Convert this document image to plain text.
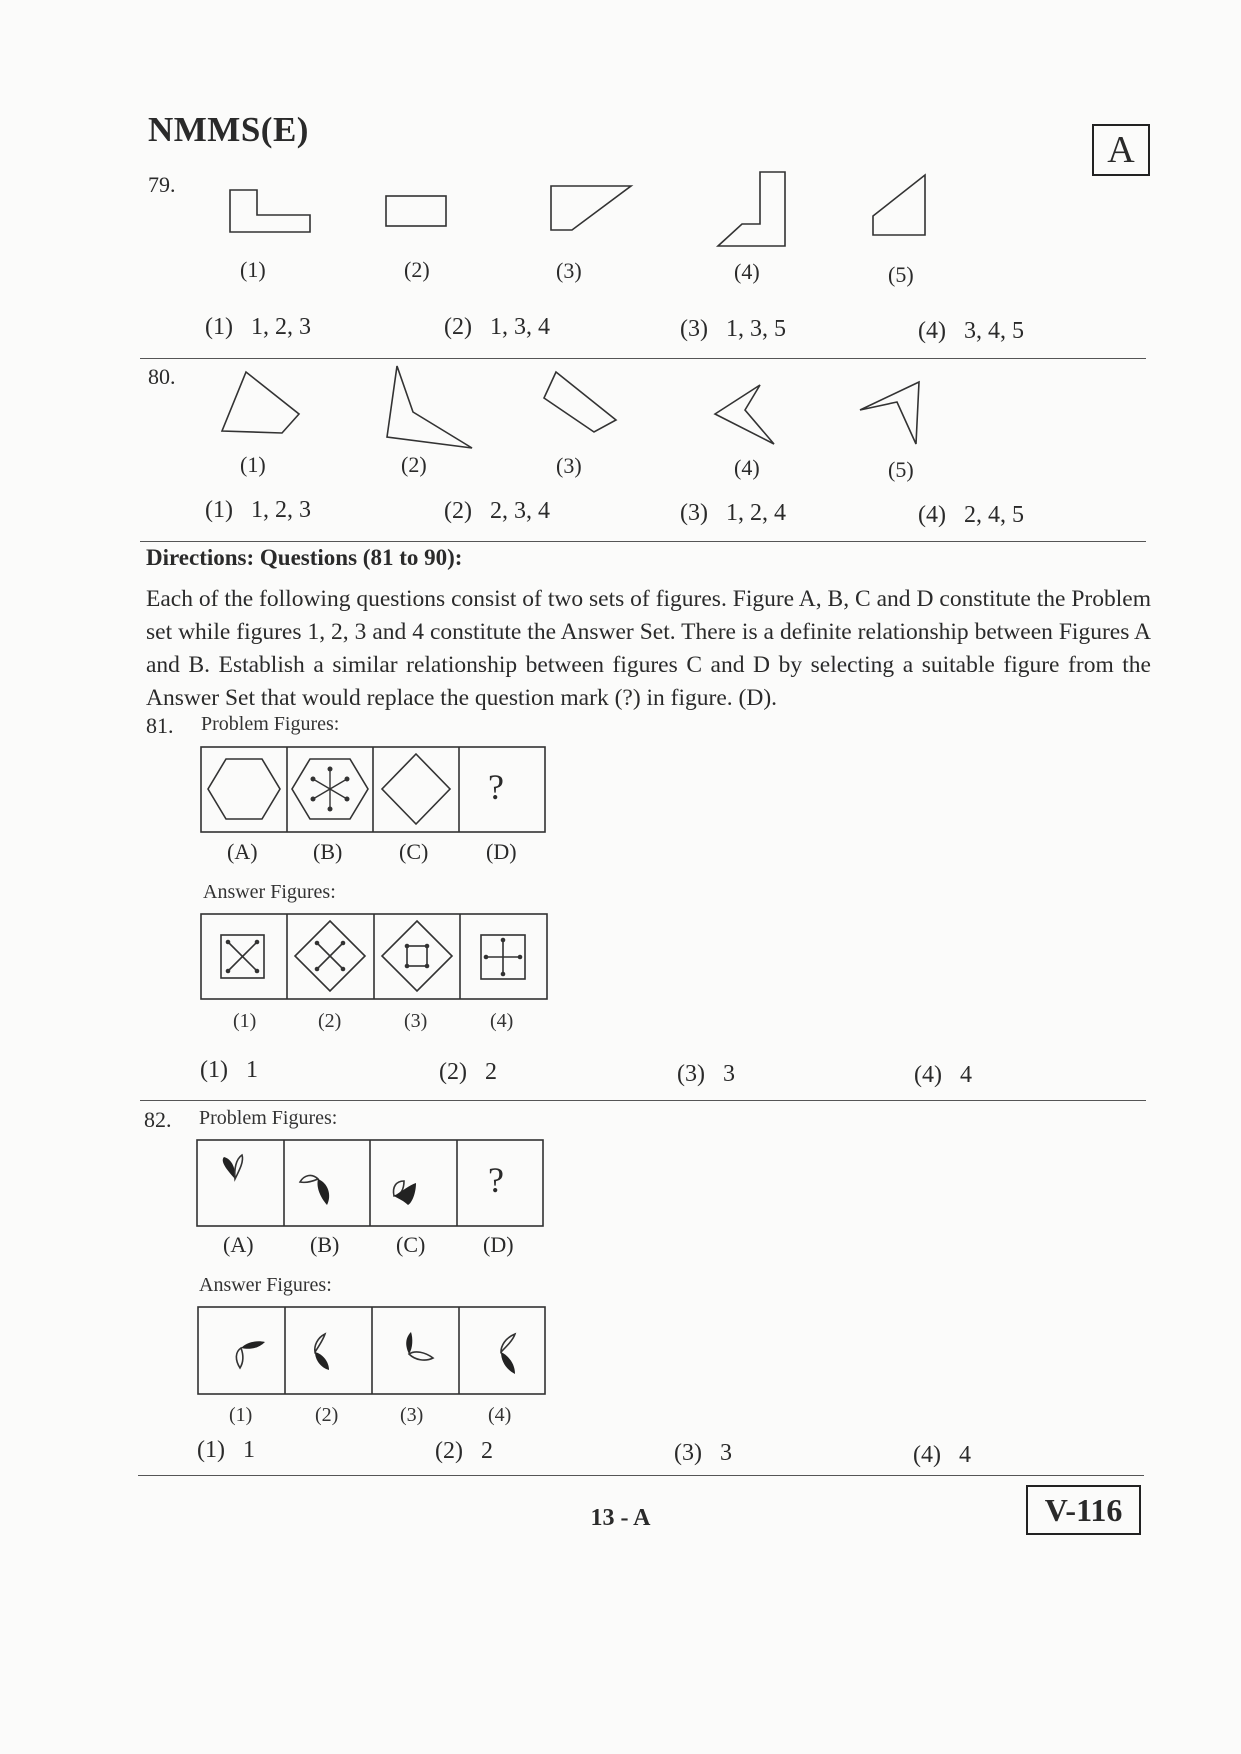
NMMS(E)	A
79.
(1)	(2)	(3)	(4)	(5)
(1)   1, 2, 3	(2)   1, 3, 4	(3)   1, 3, 5	(4)   3, 4, 5
80.
(1)	(2)	(3)	(4)	(5)
(1)   1, 2, 3	(2)   2, 3, 4	(3)   1, 2, 4	(4)   2, 4, 5
Directions: Questions (81 to 90):
Each of the following questions consist of two sets of figures. Figure A, B, C and D constitute the Problem set while figures 1, 2, 3 and 4 constitute the Answer Set. There is a definite relationship between Figures A and B. Establish a similar relationship between figures C and D by selecting a suitable figure from the Answer Set that would replace the question mark (?) in figure. (D).
81. Problem Figures:
?
(A)	(B)	(C)	(D)
Answer Figures:
(1)	(2)	(3)	(4)
(1)   1	(2)   2	(3)   3	(4)   4
82. Problem Figures:
?
(A)	(B)	(C)	(D)
Answer Figures:
(1)	(2)	(3)	(4)
(1)   1	(2)   2	(3)   3	(4)   4
13 - A	V-116
